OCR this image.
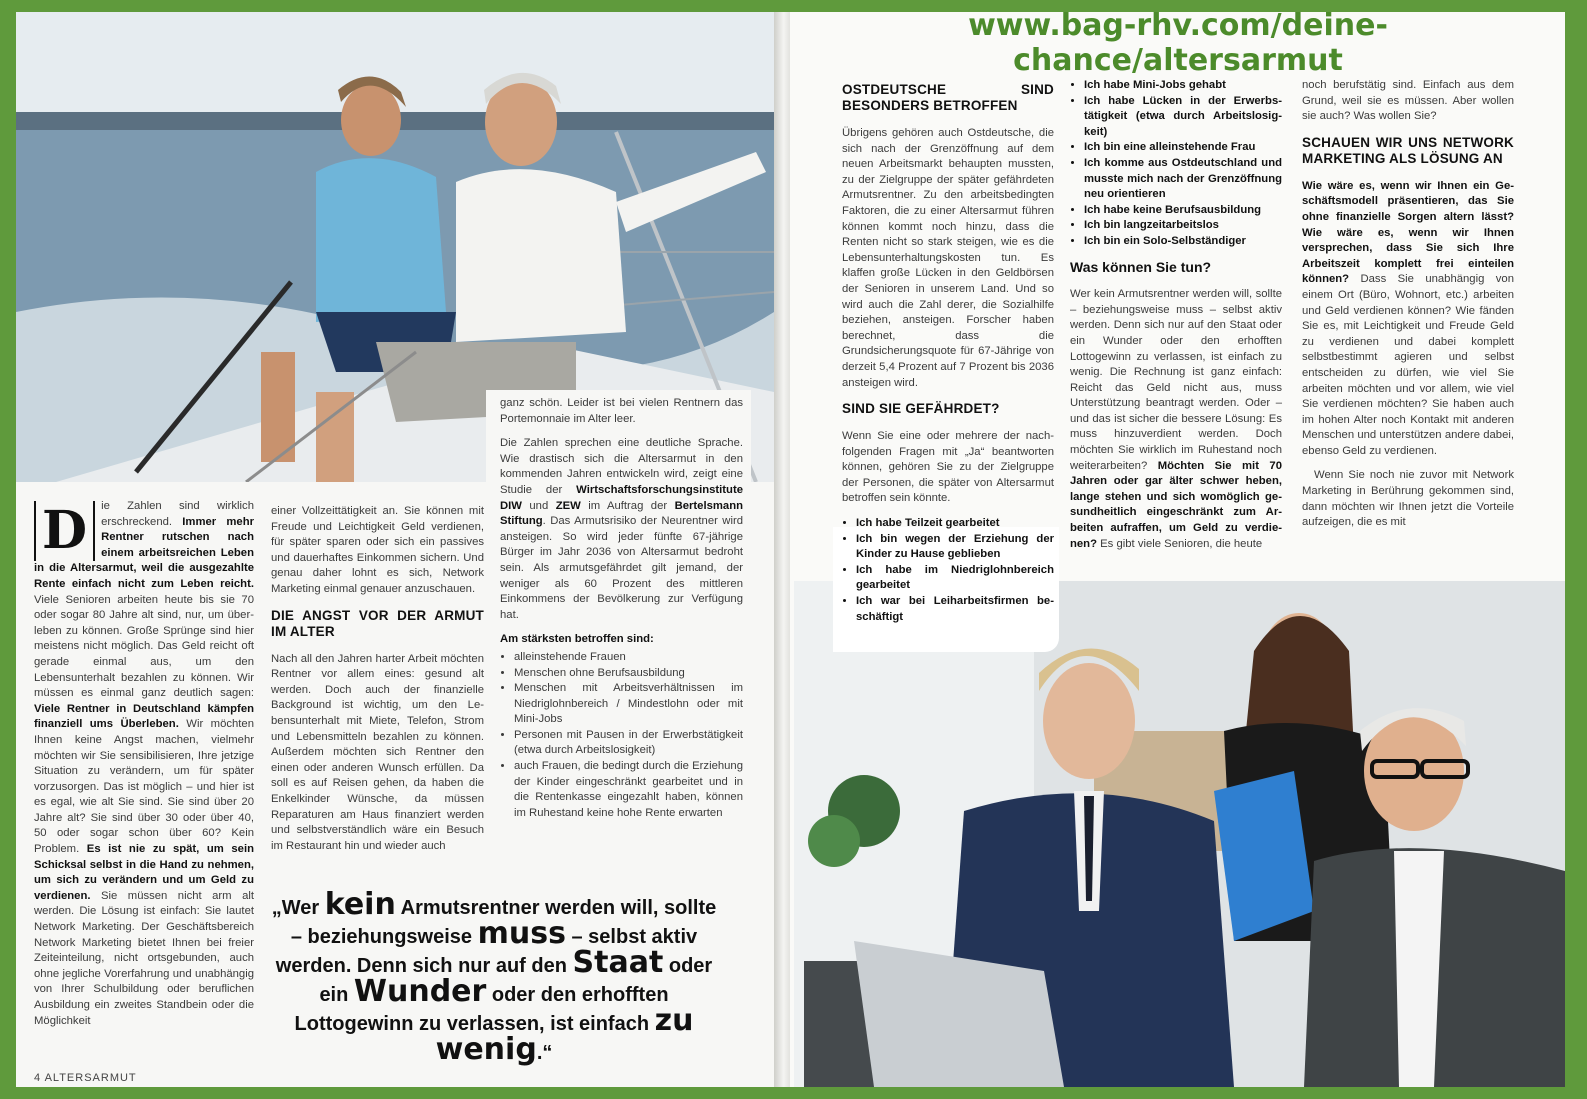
D	ie Zahlen sind wirklich erschreckend. Immer mehr Rentner rutschen nach einem arbeitsreichen Leben in die Altersarmut, weil die ausgezahlte Rente einfach nicht zum Leben reicht. Viele Senioren arbeiten heute bis sie 70 oder sogar 80 Jahre alt sind, nur, um überleben zu können. Große Sprünge sind hier meistens nicht möglich. Das Geld reicht oft gerade einmal aus, um den Lebensunterhalt bezahlen zu können. Wir müssen es einmal ganz deutlich sagen: Viele Rentner in Deutschland kämpfen finanziell ums Überleben. Wir möchten Ihnen keine Angst machen, vielmehr möchten wir Sie sensibilisieren, Ihre jetzige Situation zu verändern, um für später vorzusorgen. Das ist möglich – und hier ist es egal, wie alt Sie sind. Sie sind über 20 Jahre alt? Sie sind über 30 oder über 40, 50 oder sogar schon über 60? Kein Problem. Es ist nie zu spät, um sein Schicksal selbst in die Hand zu nehmen, um sich zu verändern und um Geld zu verdienen. Sie müssen nicht arm alt werden. Die Lösung ist einfach: Sie lautet Network Marketing. Der Geschäftsbereich Network Marketing bietet Ihnen bei freier Zeiteinteilung, nicht ortsgebunden, auch ohne jegliche Vorerfahrung und unabhängig von Ihrer Schulbildung oder beruflichen Ausbildung ein zweites Standbein oder die Möglichkeit

einer Vollzeittätigkeit an. Sie können mit Freude und Leichtigkeit Geld verdienen, für später sparen oder sich ein passives und dauerhaftes Einkommen sichern. Und genau daher lohnt es sich, Network Marketing einmal genauer anzuschauen.

DIE ANGST VOR DER ARMUT IM ALTER

Nach all den Jahren harter Arbeit möchten Rentner vor allem eines: gesund alt werden. Doch auch der finanzielle Background ist wichtig, um den Lebensunterhalt mit Miete, Telefon, Strom und Lebensmitteln bezahlen zu können. Außerdem möchten sich Rentner den einen oder anderen Wunsch erfüllen. Da soll es auf Reisen gehen, da haben die Enkelkinder Wünsche, da müssen Reparaturen am Haus finanziert werden und selbstverständlich wäre ein Besuch im Restaurant hin und wieder auch

ganz schön. Leider ist bei vielen Rentnern das Portemonnaie im Alter leer.

Die Zahlen sprechen eine deutliche Sprache. Wie drastisch sich die Altersarmut in den kommenden Jahren entwickeln wird, zeigt eine Studie der Wirtschaftsforschungsinstitute DIW und ZEW im Auftrag der Bertelsmann Stiftung. Das Armutsrisiko der Neurentner wird ansteigen. So wird jeder fünfte 67-jährige Bürger im Jahr 2036 von Altersarmut bedroht sein. Als armutsgefährdet gilt jemand, der weniger als 60 Prozent des mittleren Einkommens der Bevölkerung zur Verfügung hat.

Am stärksten betroffen sind:
• alleinstehende Frauen
• Menschen ohne Berufsausbildung
• Menschen mit Arbeitsverhältnissen im Niedriglohnbereich / Mindestlohn oder mit Mini-Jobs
• Personen mit Pausen in der Erwerbstätigkeit (etwa durch Arbeitslosigkeit)
• auch Frauen, die bedingt durch die Erziehung der Kinder eingeschränkt gearbeitet und in die Rentenkasse eingezahlt haben, können im Ruhestand keine hohe Rente erwarten
„Wer kein Armutsrentner werden will, sollte – beziehungsweise muss – selbst aktiv werden. Denn sich nur auf den Staat oder ein Wunder oder den erhofften Lottogewinn zu verlassen, ist einfach zu wenig.“
4 ALTERSARMUT
OSTDEUTSCHE SIND BESONDERS BETROFFEN

Übrigens gehören auch Ostdeutsche, die sich nach der Grenzöffnung auf dem neuen Arbeitsmarkt behaupten mussten, zu der Zielgruppe der später gefährdeten Armutsrentner. Zu den arbeitsbedingten Faktoren, die zu einer Altersarmut führen können kommt noch hinzu, dass die Renten nicht so stark steigen, wie es die Lebensunterhaltungskosten tun. Es klaffen große Lücken in den Geldbörsen der Senioren in unserem Land. Und so wird auch die Zahl derer, die Sozialhilfe beziehen, ansteigen. Forscher haben berechnet, dass die Grundsicherungsquote für 67-Jährige von derzeit 5,4 Prozent auf 7 Prozent bis 2036 ansteigen wird.

SIND SIE GEFÄHRDET?

Wenn Sie eine oder mehrere der nachfolgenden Fragen mit „Ja“ beantworten können, gehören Sie zu der Zielgruppe der Personen, die später von Altersarmut betroffen sein könnte.

• Ich habe Teilzeit gearbeitet
• Ich bin wegen der Erziehung der Kinder zu Hause geblieben
• Ich habe im Niedriglohnbereich gearbeitet
• Ich war bei Leiharbeitsfirmen beschäftigt
• Ich habe Mini-Jobs gehabt
• Ich habe Lücken in der Erwerbstätigkeit (etwa durch Arbeitslosigkeit)
• Ich bin eine alleinstehende Frau
• Ich komme aus Ostdeutschland und musste mich nach der Grenzöffnung neu orientieren
• Ich habe keine Berufsausbildung
• Ich bin langzeitarbeitslos
• Ich bin ein Solo-Selbständiger
Was können Sie tun?

Wer kein Armutsrentner werden will, sollte – beziehungsweise muss – selbst aktiv werden. Denn sich nur auf den Staat oder ein Wunder oder den erhofften Lottogewinn zu verlassen, ist einfach zu wenig. Die Rechnung ist ganz einfach: Reicht das Geld nicht aus, muss Unterstützung beantragt werden. Oder – und das ist sicher die bessere Lösung: Es muss hinzuverdient werden. Doch möchten Sie wirklich im Ruhestand noch weiterarbeiten? Möchten Sie mit 70 Jahren oder gar älter schwer heben, lange stehen und sich womöglich gesundheitlich eingeschränkt zum Arbeiten aufraffen, um Geld zu verdienen? Es gibt viele Senioren, die heute

noch berufstätig sind. Einfach aus dem Grund, weil sie es müssen. Aber wollen sie auch? Was wollen Sie?

SCHAUEN WIR UNS NETWORK MARKETING ALS LÖSUNG AN

Wie wäre es, wenn wir Ihnen ein Geschäftsmodell präsentieren, das Sie ohne finanzielle Sorgen altern lässt? Wie wäre es, wenn wir Ihnen versprechen, dass Sie sich Ihre Arbeitszeit komplett frei einteilen können? Dass Sie unabhängig von einem Ort (Büro, Wohnort, etc.) arbeiten und Geld verdienen können? Wie fänden Sie es, mit Leichtigkeit und Freude Geld zu verdienen und dabei komplett selbstbestimmt agieren und selbst entscheiden zu dürfen, wie viel Sie arbeiten möchten und vor allem, wie viel Sie verdienen möchten? Sie haben auch im hohen Alter noch Kontakt mit anderen Menschen und unterstützen andere dabei, ebenso Geld zu verdienen.

Wenn Sie noch nie zuvor mit Network Marketing in Berührung gekommen sind, dann möchten wir Ihnen jetzt die Vorteile aufzeigen, die es mit

www.bag-rhv.com/deine-chance/altersarmut
